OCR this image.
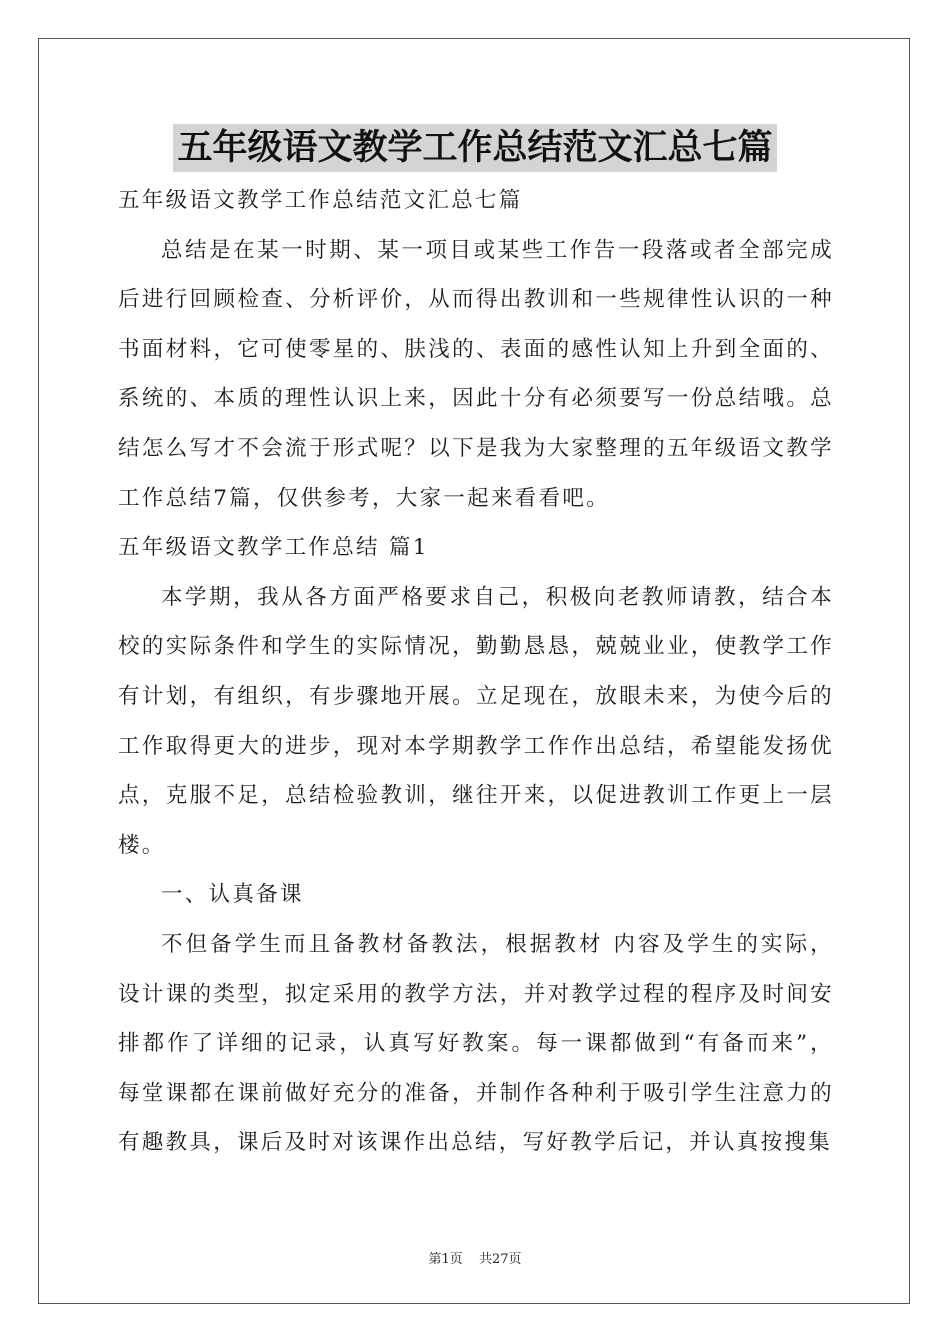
五年级语文教学工作总结范文汇总七篇

五年级语文教学工作总结范文汇总七篇

总结是在某一时期、某一项目或某些工作告一段落或者全部完成后进行回顾检查、分析评价，从而得出教训和一些规律性认识的一种书面材料，它可使零星的、肤浅的、表面的感性认知上升到全面的、系统的、本质的理性认识上来，因此十分有必须要写一份总结哦。总结怎么写才不会流于形式呢？以下是我为大家整理的五年级语文教学工作总结7篇，仅供参考，大家一起来看看吧。

五年级语文教学工作总结 篇1

本学期，我从各方面严格要求自己，积极向老教师请教，结合本校的实际条件和学生的实际情况，勤勤恳恳，兢兢业业，使教学工作有计划，有组织，有步骤地开展。立足现在，放眼未来，为使今后的工作取得更大的进步，现对本学期教学工作作出总结，希望能发扬优点，克服不足，总结检验教训，继往开来，以促进教训工作更上一层楼。

一、认真备课

不但备学生而且备教材备教法，根据教材 内容及学生的实际，设计课的类型，拟定采用的教学方法，并对教学过程的程序及时间安排都作了详细的记录，认真写好教案。每一课都做到“有备而来”，每堂课都在课前做好充分的准备，并制作各种利于吸引学生注意力的有趣教具，课后及时对该课作出总结，写好教学后记，并认真按搜集

第1页 共27页
